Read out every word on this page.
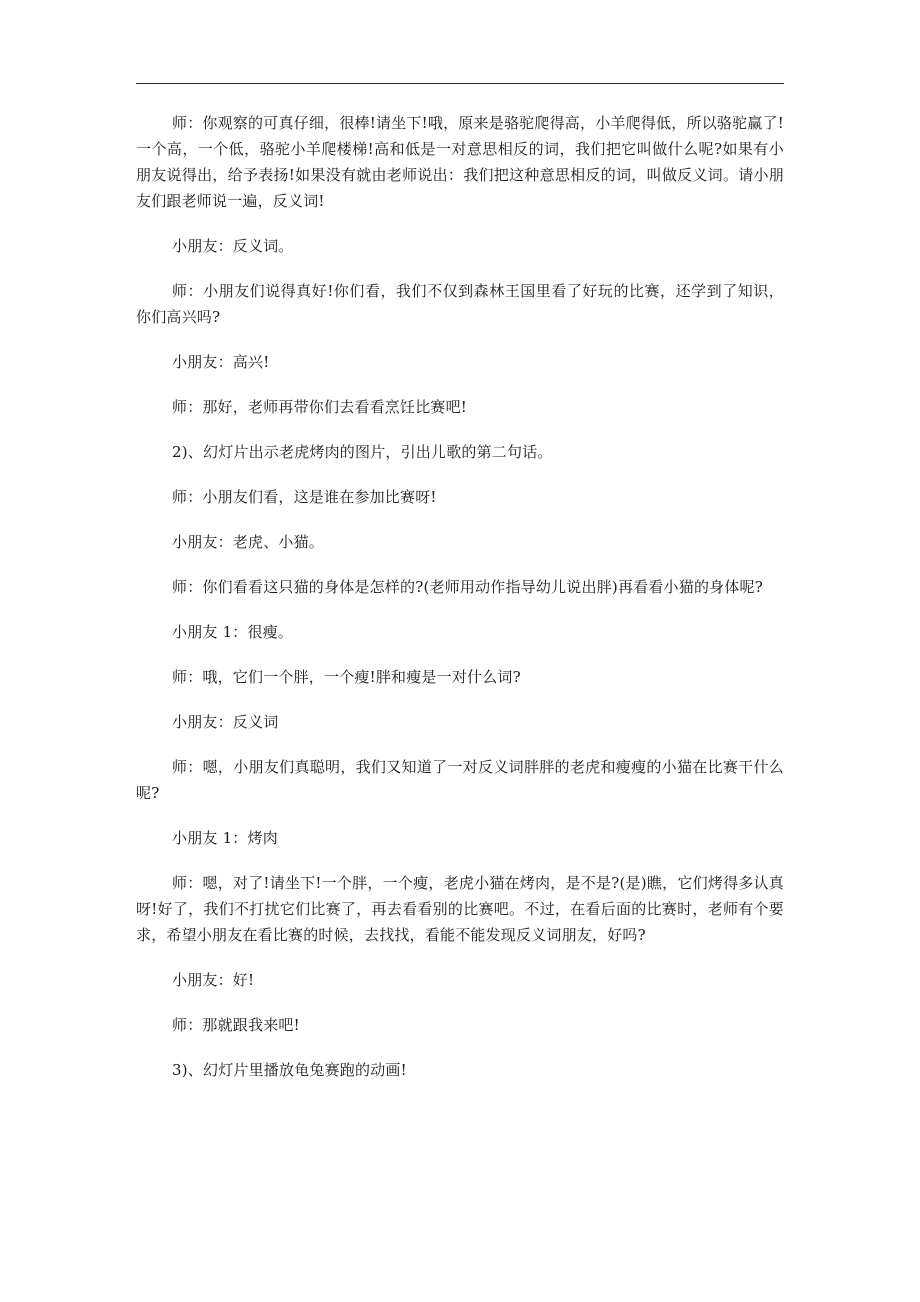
师：你观察的可真仔细，很棒!请坐下!哦，原来是骆驼爬得高，小羊爬得低，所以骆驼赢了!一个高，一个低，骆驼小羊爬楼梯!高和低是一对意思相反的词，我们把它叫做什么呢?如果有小朋友说得出，给予表扬!如果没有就由老师说出：我们把这种意思相反的词，叫做反义词。请小朋友们跟老师说一遍，反义词!

小朋友：反义词。

师：小朋友们说得真好!你们看，我们不仅到森林王国里看了好玩的比赛，还学到了知识，你们高兴吗?

小朋友：高兴!

师：那好，老师再带你们去看看烹饪比赛吧!

2)、幻灯片出示老虎烤肉的图片，引出儿歌的第二句话。

师：小朋友们看，这是谁在参加比赛呀!

小朋友：老虎、小猫。

师：你们看看这只猫的身体是怎样的?(老师用动作指导幼儿说出胖)再看看小猫的身体呢?

小朋友 1：很瘦。

师：哦，它们一个胖，一个瘦!胖和瘦是一对什么词?

小朋友：反义词

师：嗯，小朋友们真聪明，我们又知道了一对反义词胖胖的老虎和瘦瘦的小猫在比赛干什么呢?

小朋友 1：烤肉

师：嗯，对了!请坐下!一个胖，一个瘦，老虎小猫在烤肉，是不是?(是)瞧，它们烤得多认真呀!好了，我们不打扰它们比赛了，再去看看别的比赛吧。不过，在看后面的比赛时，老师有个要求，希望小朋友在看比赛的时候，去找找，看能不能发现反义词朋友，好吗?

小朋友：好!

师：那就跟我来吧!

3)、幻灯片里播放龟兔赛跑的动画!
